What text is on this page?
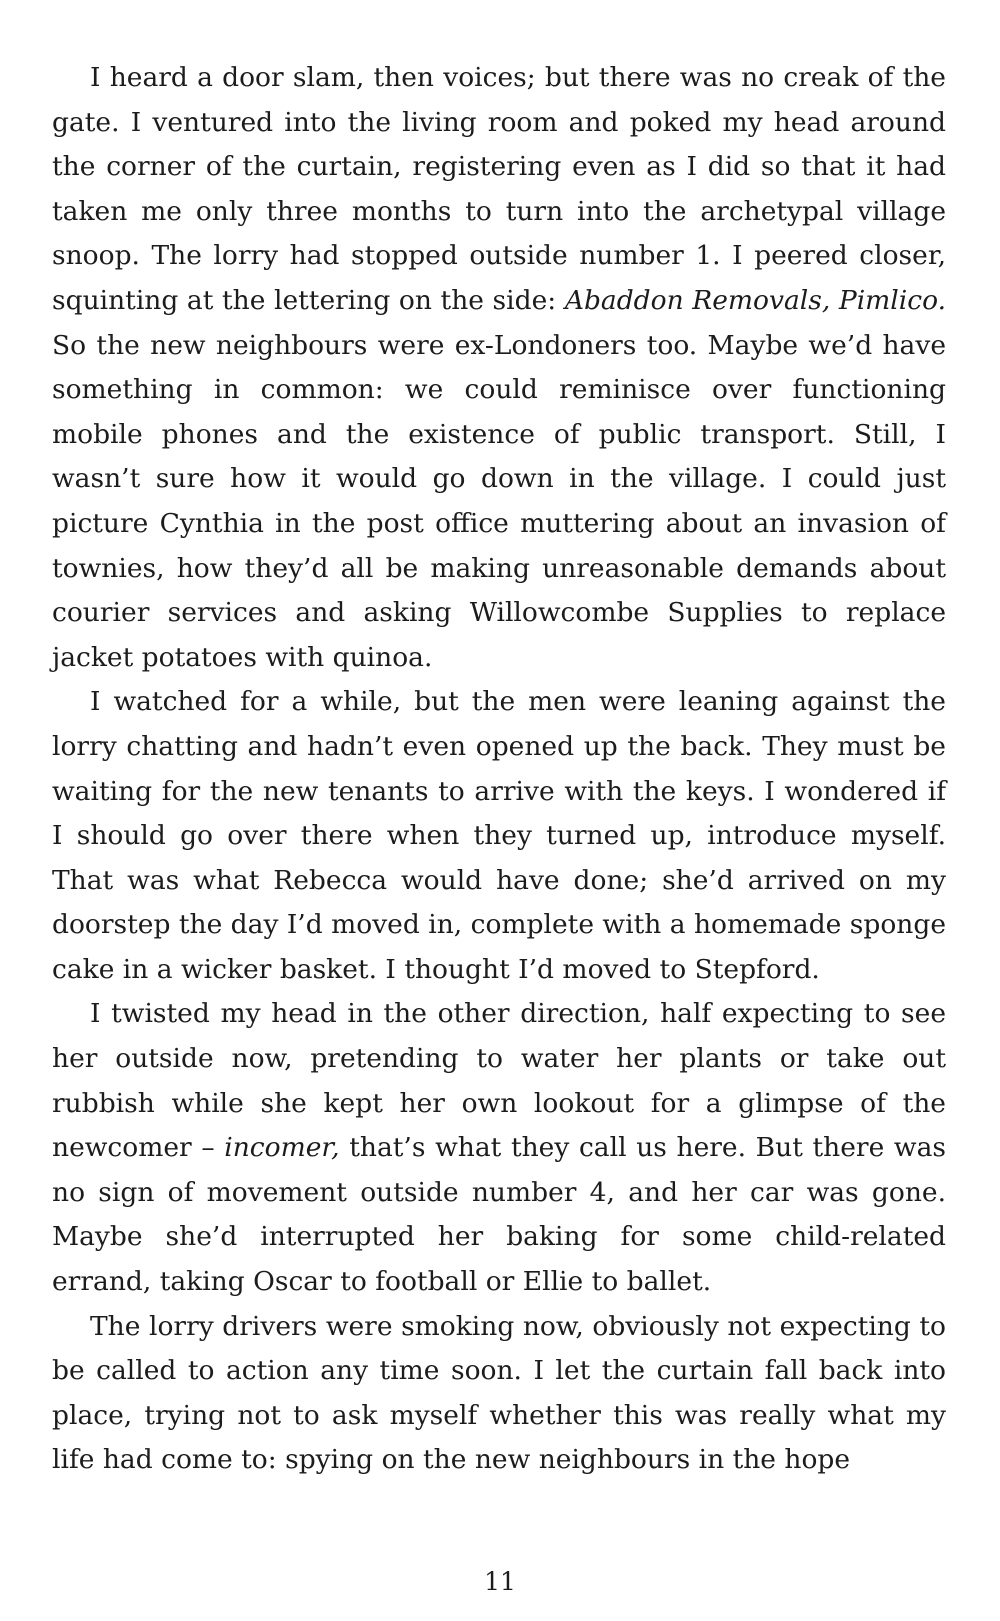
I heard a door slam, then voices; but there was no creak of the gate. I ventured into the living room and poked my head around the corner of the curtain, registering even as I did so that it had taken me only three months to turn into the archetypal village snoop. The lorry had stopped outside number 1. I peered closer, squinting at the lettering on the side: Abaddon Removals, Pimlico. So the new neighbours were ex-Londoners too. Maybe we’d have something in common: we could reminisce over functioning mobile phones and the existence of public transport. Still, I wasn’t sure how it would go down in the village. I could just picture Cynthia in the post office muttering about an invasion of townies, how they’d all be making unreasonable demands about courier services and asking Willowcombe Supplies to replace jacket potatoes with quinoa.

I watched for a while, but the men were leaning against the lorry chatting and hadn’t even opened up the back. They must be waiting for the new tenants to arrive with the keys. I wondered if I should go over there when they turned up, introduce myself. That was what Rebecca would have done; she’d arrived on my doorstep the day I’d moved in, complete with a homemade sponge cake in a wicker basket. I thought I’d moved to Stepford.

I twisted my head in the other direction, half expecting to see her outside now, pretending to water her plants or take out rubbish while she kept her own lookout for a glimpse of the newcomer – incomer, that’s what they call us here. But there was no sign of movement outside number 4, and her car was gone. Maybe she’d interrupted her baking for some child-related errand, taking Oscar to football or Ellie to ballet.

The lorry drivers were smoking now, obviously not expecting to be called to action any time soon. I let the curtain fall back into place, trying not to ask myself whether this was really what my life had come to: spying on the new neighbours in the hope

11
